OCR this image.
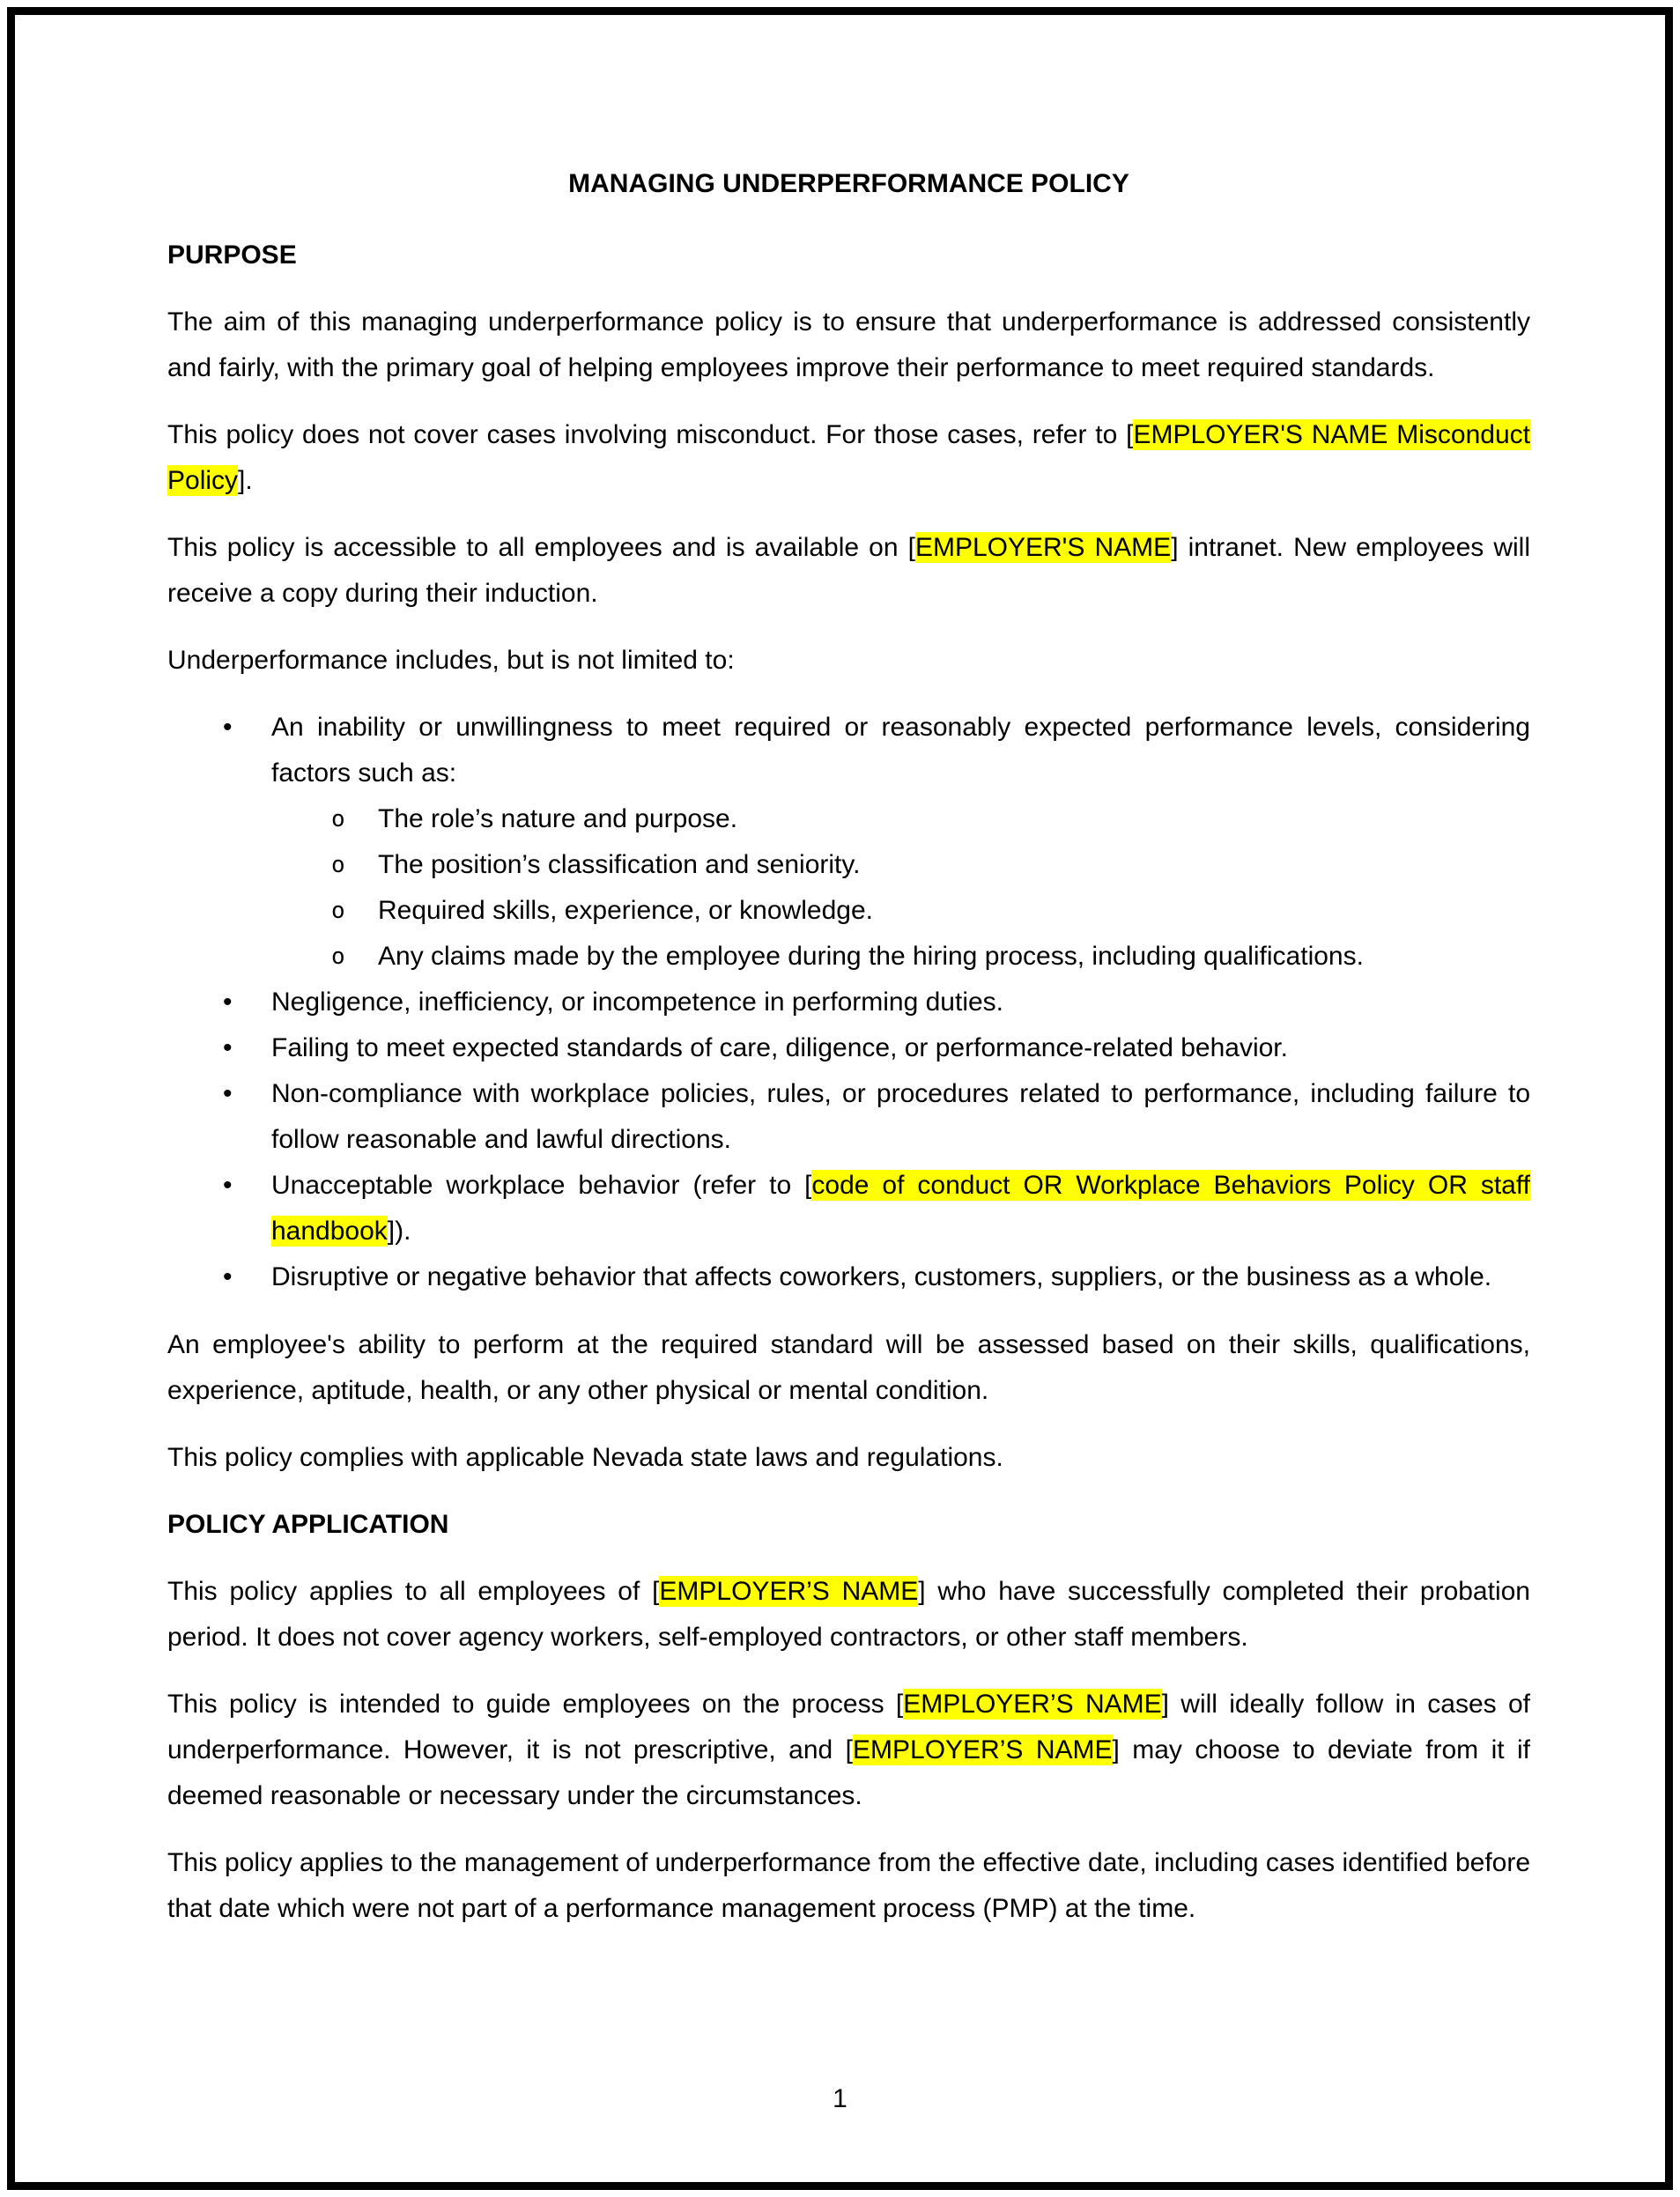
MANAGING UNDERPERFORMANCE POLICY
PURPOSE

The aim of this managing underperformance policy is to ensure that underperformance is addressed consistently and fairly, with the primary goal of helping employees improve their performance to meet required standards.

This policy does not cover cases involving misconduct. For those cases, refer to [EMPLOYER'S NAME Misconduct Policy].

This policy is accessible to all employees and is available on [EMPLOYER'S NAME] intranet. New employees will receive a copy during their induction.

Underperformance includes, but is not limited to:

•	An inability or unwillingness to meet required or reasonably expected performance levels, considering factors such as:
o	The role’s nature and purpose.
o	The position’s classification and seniority.
o	Required skills, experience, or knowledge.
o	Any claims made by the employee during the hiring process, including qualifications.
•	Negligence, inefficiency, or incompetence in performing duties.
•	Failing to meet expected standards of care, diligence, or performance-related behavior.
•	Non-compliance with workplace policies, rules, or procedures related to performance, including failure to follow reasonable and lawful directions.
•	Unacceptable workplace behavior (refer to [code of conduct OR Workplace Behaviors Policy OR staff handbook]).
•	Disruptive or negative behavior that affects coworkers, customers, suppliers, or the business as a whole.

An employee's ability to perform at the required standard will be assessed based on their skills, qualifications, experience, aptitude, health, or any other physical or mental condition.

This policy complies with applicable Nevada state laws and regulations.

POLICY APPLICATION

This policy applies to all employees of [EMPLOYER’S NAME] who have successfully completed their probation period. It does not cover agency workers, self-employed contractors, or other staff members.

This policy is intended to guide employees on the process [EMPLOYER’S NAME] will ideally follow in cases of underperformance. However, it is not prescriptive, and [EMPLOYER’S NAME] may choose to deviate from it if deemed reasonable or necessary under the circumstances.

This policy applies to the management of underperformance from the effective date, including cases identified before that date which were not part of a performance management process (PMP) at the time.

1
